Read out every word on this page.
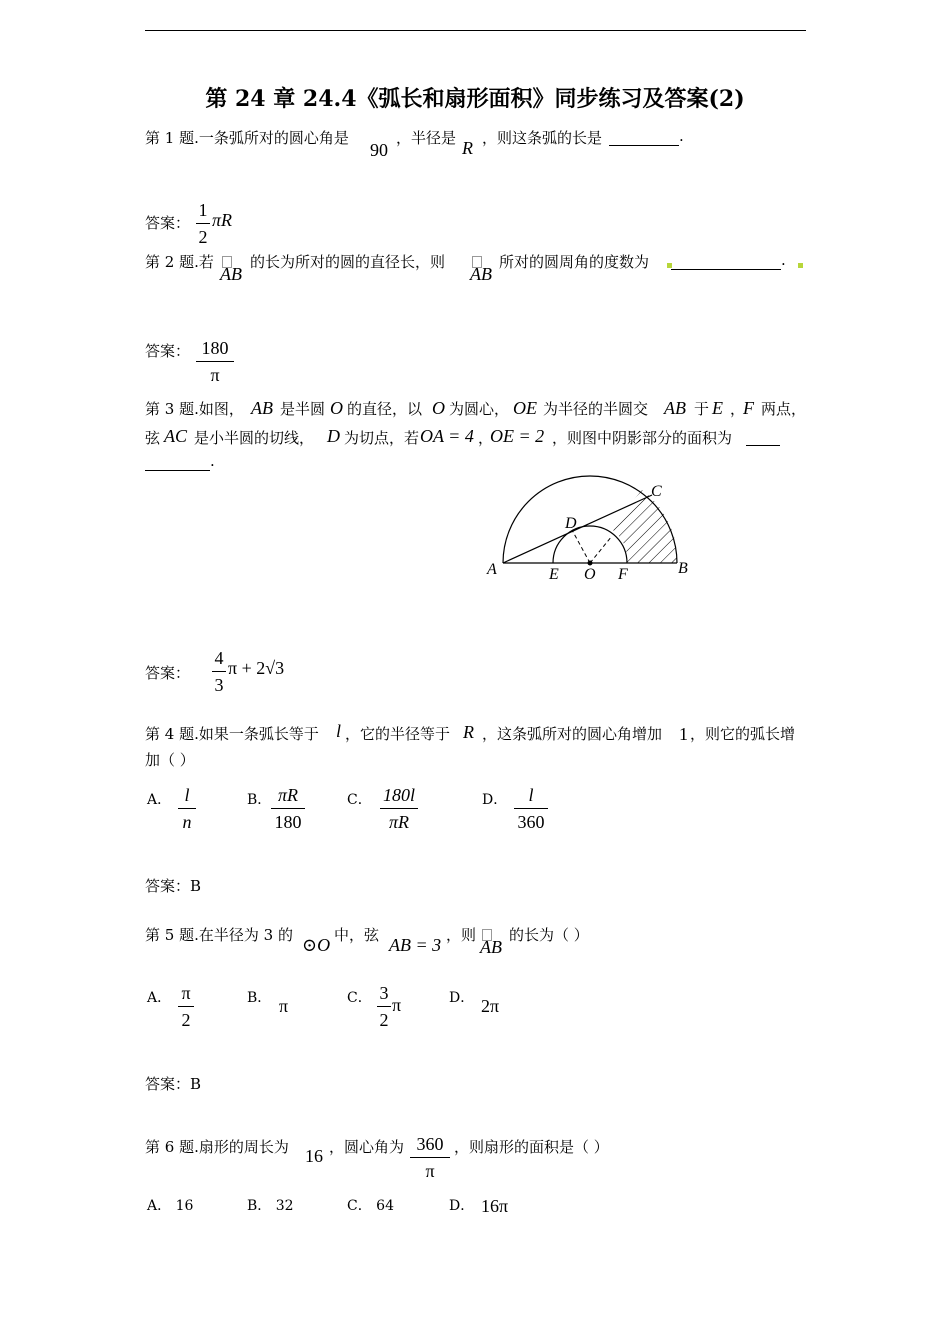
第 24 章 24.4《弧长和扇形面积》同步练习及答案(2)
第 1 题.一条弧所对的圆心角是
90
，半径是 R ，则这条弧的长是	.
答案：
1
2
πR
第 2 题.若
AB
的长为所对的圆的直径长，则
AB
所对的圆周角的度数为	.
答案： 180
π
第 3 题.如图， AB 是半圆 O 的直径，以 O 为圆心， OE 为半径的半圆交 AB 于 E ，
F 两点，
弦 AC 是小半圆的切线， D 为切点，若 OA = 4 ，
OE = 2 ，则图中阴影部分的面积为

.
A	B
C
D
E O F
答案：
4
3
π + 2√3
第 4 题.如果一条弧长等于 l ，它的半径等于 R ，这条弧所对的圆心角增加 1 ，则它的弧长增
加（ ）
A． l
n
B． πR
180
C． 180l
πR
D．	l
360
答案：B
第 5 题.在半径为 3 的 ⊙O 中，弦 AB = 3 ，则
AB
的长为（ ）
A． π
2
B． π	C． 3
2
π	D． 2π
答案：B
第 6 题.扇形的周长为 16 ，圆心角为 360
π
，则扇形的面积是（ ）
A． 16	B． 32	C． 64	D． 16π
